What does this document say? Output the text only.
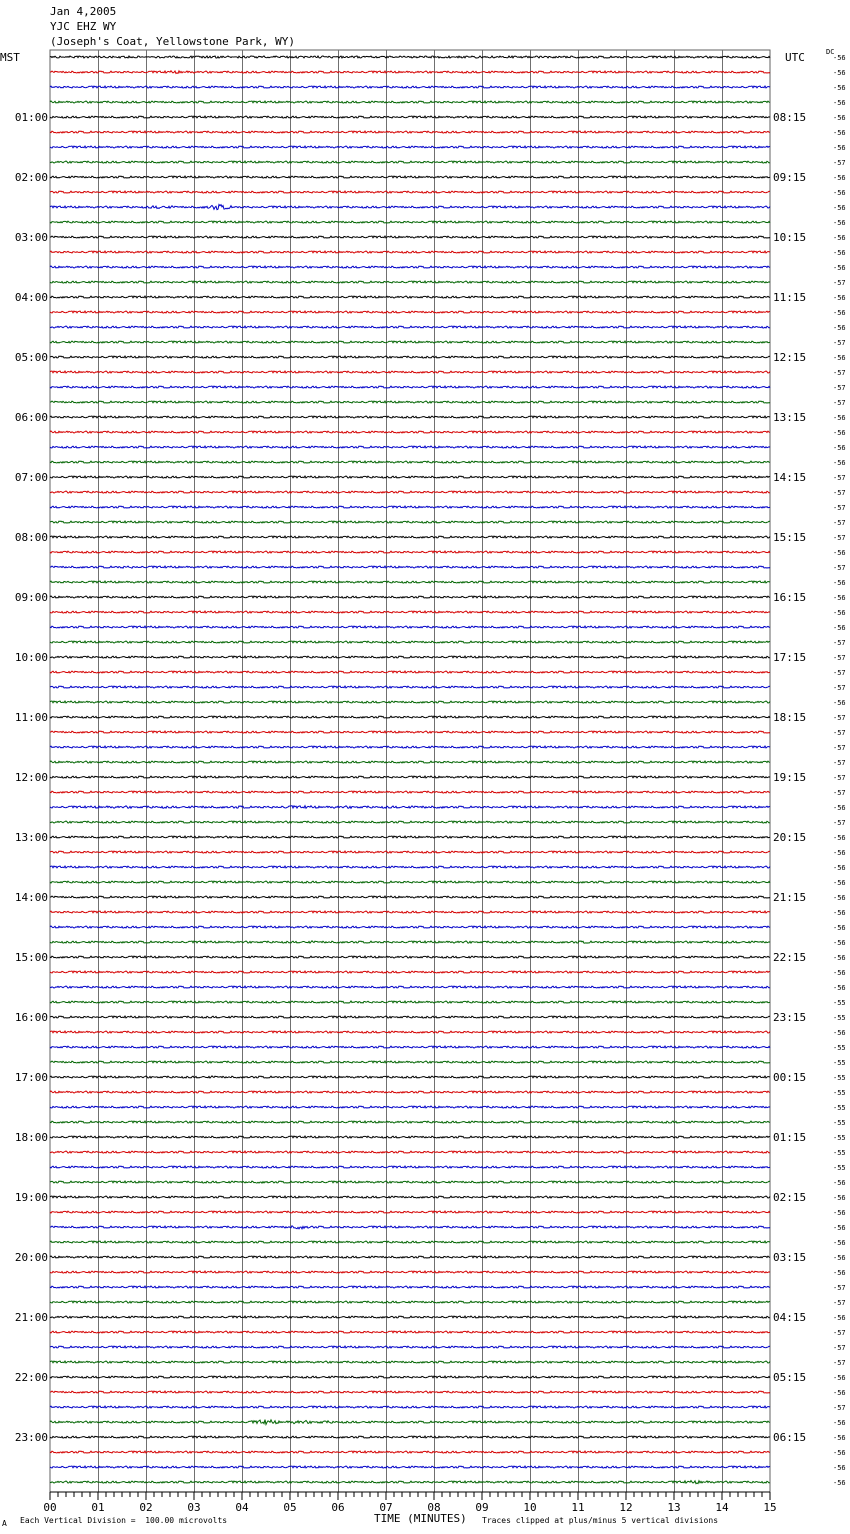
Jan 4,2005
YJC EHZ WY
(Joseph's Coat, Yellowstone Park, WY)
MST	UTC	DC
01:00
02:00
03:00
04:00
05:00
06:00
07:00
08:00
09:00
10:00
11:00
12:00
13:00
14:00
15:00
16:00
17:00
18:00
19:00
20:00
21:00
22:00
23:00
08:15
09:15
10:15
11:15
12:15
13:15
14:15
15:15
16:15
17:15
18:15
19:15
20:15
21:15
22:15
23:15
00:15
01:15
02:15
03:15
04:15
05:15
06:15
-56
-56
-56
-56
-56
-56
-56
-57
-56
-56
-56
-56
-56
-56
-56
-57
-56
-56
-56
-57
-56
-57
-57
-57
-56
-56
-56
-56
-57
-57
-57
-57
-57
-56
-57
-56
-56
-56
-56
-57
-57
-57
-57
-56
-57
-57
-57
-57
-57
-57
-56
-57
-56
-56
-56
-56
-56
-56
-56
-56
-56
-56
-56
-55
-55
-56
-55
-55
-55
-55
-55
-55
-55
-55
-55
-56
-56
-56
-56
-56
-56
-56
-57
-57
-56
-57
-57
-57
-56
-56
-57
-56
-56
-56
-56
-56
00	01	02	03	04	05	06	07	08	09	10	11	12	13	14	15
A Each Vertical Division =  100.00 microvolts	TIME (MINUTES) Traces clipped at plus/minus 5 vertical divisions
